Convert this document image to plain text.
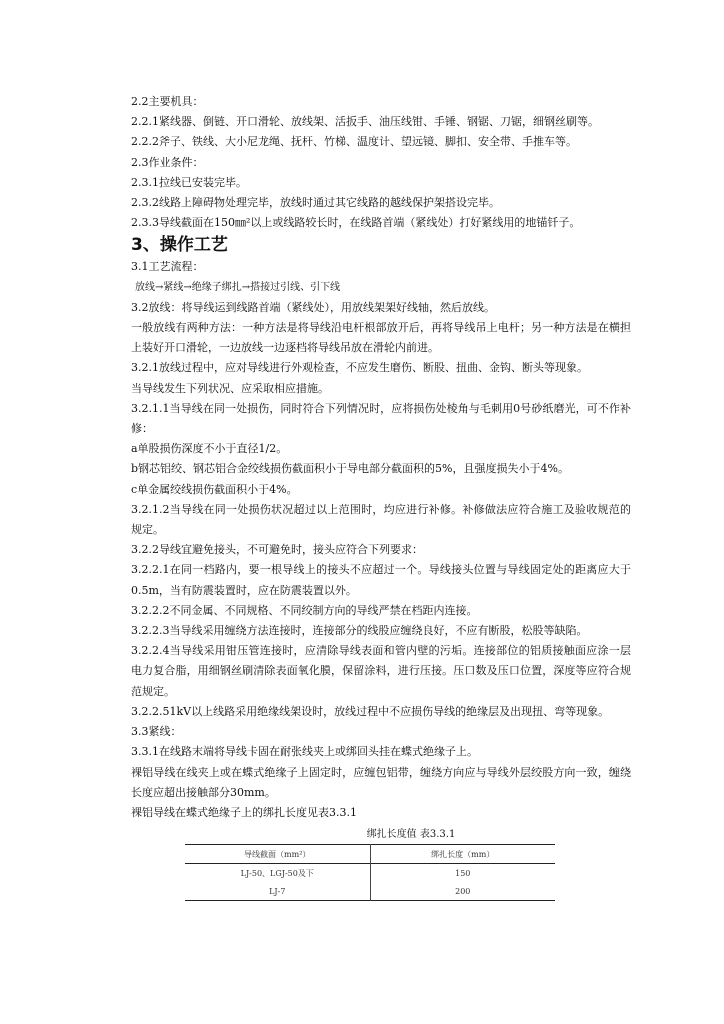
2.2主要机具：

2.2.1紧线器、倒链、开口滑轮、放线架、活扳手、油压线钳、手锤、钢锯、刀锯，细钢丝刷等。

2.2.2斧子、铁线、大小尼龙绳、抚杆、竹梯、温度计、望远镜、脚扣、安全带、手推车等。

2.3作业条件：

2.3.1拉线已安装完毕。

2.3.2线路上障碍物处理完毕，放线时通过其它线路的越线保护架搭设完毕。

2.3.3导线截面在150㎜²以上或线路较长时，在线路首端（紧线处）打好紧线用的地锚钎子。

3、操作工艺

3.1工艺流程：

放线→紧线→绝缘子绑扎→搭接过引线、引下线

3.2放线：将导线运到线路首端（紧线处），用放线架架好线轴，然后放线。

一般放线有两种方法：一种方法是将导线沿电杆根部放开后，再将导线吊上电杆；另一种方法是在横担上装好开口滑轮，一边放线一边逐档将导线吊放在滑轮内前进。

3.2.1放线过程中，应对导线进行外观检查，不应发生磨伤、断股、扭曲、金钩、断头等现象。

当导线发生下列状况、应采取相应措施。

3.2.1.1当导线在同一处损伤，同时符合下列情况时，应将损伤处棱角与毛刺用0号砂纸磨光，可不作补修：

a单股损伤深度不小于直径1/2。

b钢芯铝绞、钢芯铝合金绞线损伤截面积小于导电部分截面积的5%，且强度损失小于4%。

c单金属绞线损伤截面积小于4%。

3.2.1.2当导线在同一处损伤状况超过以上范围时，均应进行补修。补修做法应符合施工及验收规范的规定。

3.2.2导线宜避免接头，不可避免时，接头应符合下列要求：

3.2.2.1在同一档路内，要一根导线上的接头不应超过一个。导线接头位置与导线固定处的距离应大于0.5m，当有防震装置时，应在防震装置以外。

3.2.2.2不同金属、不同规格、不同绞制方向的导线严禁在档距内连接。

3.2.2.3当导线采用缠绕方法连接时，连接部分的线股应缠绕良好，不应有断股，松股等缺陷。

3.2.2.4当导线采用钳压管连接时，应清除导线表面和管内壁的污垢。连接部位的铝质接触面应涂一层电力复合脂，用细钢丝刷清除表面氧化膜，保留涂料，进行压接。压口数及压口位置，深度等应符合规范规定。

3.2.2.51kV以上线路采用绝缘线架设时，放线过程中不应损伤导线的绝缘层及出现扭、弯等现象。

3.3紧线：

3.3.1在线路末端将导线卡固在耐张线夹上或绑回头挂在蝶式绝缘子上。

裸铝导线在线夹上或在蝶式绝缘子上固定时，应缠包铝带，缠绕方向应与导线外层绞股方向一致，缠绕长度应超出接触部分30mm。

裸铝导线在蝶式绝缘子上的绑扎长度见表3.3.1

绑扎长度值 表3.3.1
导线截面（mm²）	绑扎长度（mm）
LJ-50、LGJ-50及下	150
LJ-7	200
